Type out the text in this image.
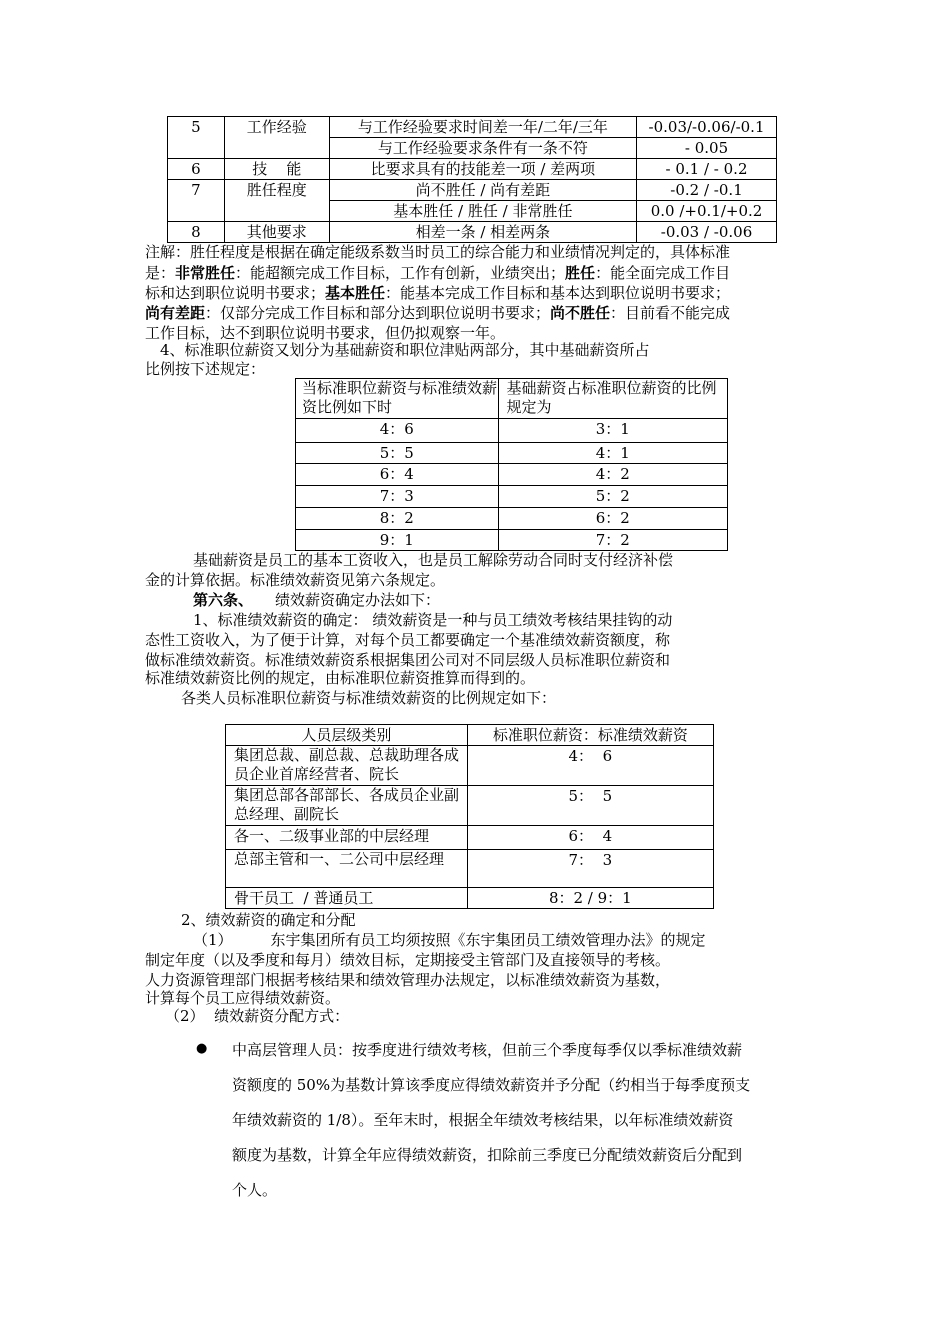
5	工作经验	与工作经验要求时间差一年/二年/三年	-0.03/-0.06/-0.1
		与工作经验要求条件有一条不符	- 0.05
6	技    能	比要求具有的技能差一项 / 差两项	- 0.1 / - 0.2
7	胜任程度	尚不胜任 / 尚有差距	-0.2 / -0.1
		基本胜任 / 胜任 / 非常胜任	0.0 /+0.1/+0.2
8	其他要求	相差一条 / 相差两条	-0.03 / -0.06
注解：胜任程度是根据在确定能级系数当时员工的综合能力和业绩情况判定的，具体标准
是：非常胜任：能超额完成工作目标，工作有创新，业绩突出；胜任：能全面完成工作目
标和达到职位说明书要求；基本胜任：能基本完成工作目标和基本达到职位说明书要求；
尚有差距：仅部分完成工作目标和部分达到职位说明书要求；尚不胜任：目前看不能完成
工作目标，达不到职位说明书要求，但仍拟观察一年。
4、标准职位薪资又划分为基础薪资和职位津贴两部分，其中基础薪资所占
比例按下述规定：
当标准职位薪资与标准绩效薪资比例如下时	基础薪资占标准职位薪资的比例规定为
4：6	3：1
5：5	4：1
6：4	4：2
7：3	5：2
8：2	6：2
9：1	7：2
基础薪资是员工的基本工资收入，也是员工解除劳动合同时支付经济补偿
金的计算依据。标准绩效薪资见第六条规定。
第六条、 绩效薪资确定办法如下：
1、标准绩效薪资的确定： 绩效薪资是一种与员工绩效考核结果挂钩的动
态性工资收入，为了便于计算，对每个员工都要确定一个基准绩效薪资额度，称
做标准绩效薪资。标准绩效薪资系根据集团公司对不同层级人员标准职位薪资和
标准绩效薪资比例的规定，由标准职位薪资推算而得到的。
各类人员标准职位薪资与标准绩效薪资的比例规定如下：
人员层级类别	标准职位薪资：标准绩效薪资
集团总裁、副总裁、总裁助理各成员企业首席经营者、院长	4：  6
集团总部各部部长、各成员企业副总经理、副院长	5：  5
各一、二级事业部的中层经理	6：  4
总部主管和一、二公司中层经理	7：  3
骨干员工  / 普通员工	8：2 / 9：1
2、绩效薪资的确定和分配
（1）	东宇集团所有员工均须按照《东宇集团员工绩效管理办法》的规定
制定年度（以及季度和每月）绩效目标，定期接受主管部门及直接领导的考核。
人力资源管理部门根据考核结果和绩效管理办法规定，以标准绩效薪资为基数，
计算每个员工应得绩效薪资。
（2）  绩效薪资分配方式：
● 中高层管理人员：按季度进行绩效考核，但前三个季度每季仅以季标准绩效薪
资额度的 50%为基数计算该季度应得绩效薪资并予分配（约相当于每季度预支
年绩效薪资的 1/8）。至年末时，根据全年绩效考核结果，以年标准绩效薪资
额度为基数，计算全年应得绩效薪资，扣除前三季度已分配绩效薪资后分配到
个人。
